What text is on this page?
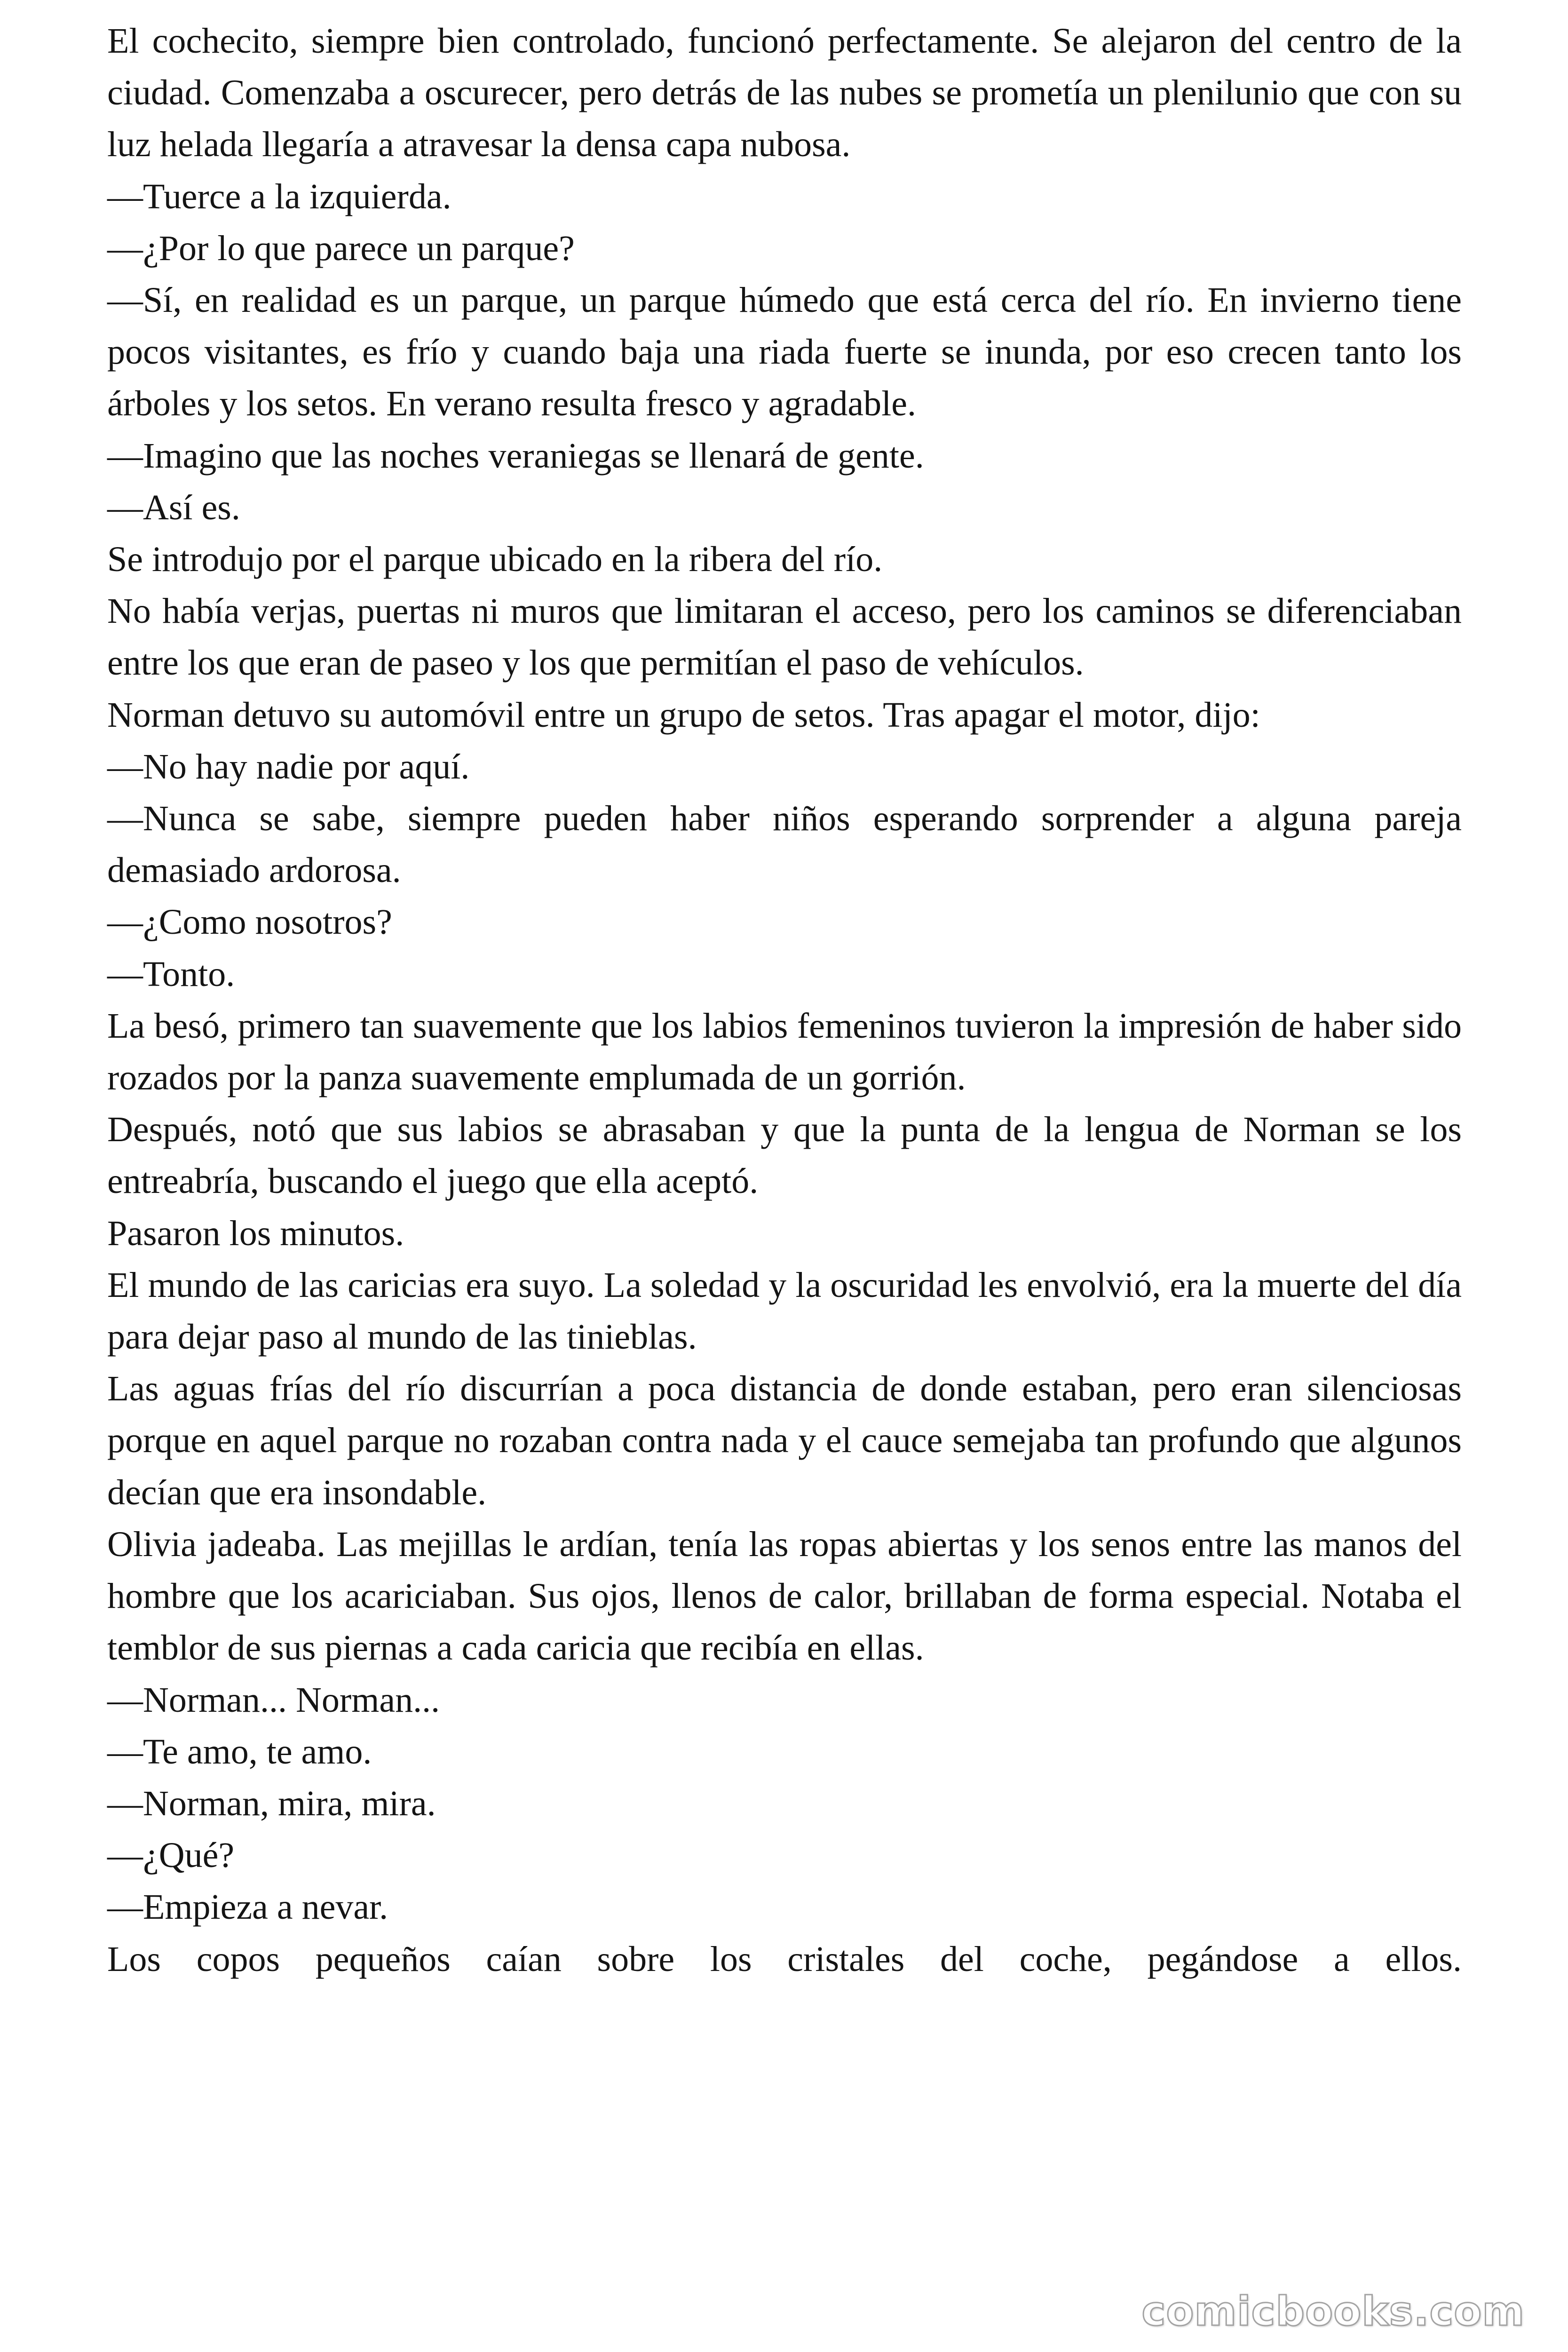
El cochecito, siempre bien controlado, funcionó perfectamente. Se alejaron del centro de la ciudad. Comenzaba a oscurecer, pero detrás de las nubes se prometía un plenilunio que con su luz helada llegaría a atravesar la densa capa nubosa.

—Tuerce a la izquierda.

—¿Por lo que parece un parque?

—Sí, en realidad es un parque, un parque húmedo que está cerca del río. En invierno tiene pocos visitantes, es frío y cuando baja una riada fuerte se inunda, por eso crecen tanto los árboles y los setos. En verano resulta fresco y agradable.

—Imagino que las noches veraniegas se llenará de gente.

—Así es.

Se introdujo por el parque ubicado en la ribera del río.

No había verjas, puertas ni muros que limitaran el acceso, pero los caminos se diferenciaban entre los que eran de paseo y los que permitían el paso de vehículos.

Norman detuvo su automóvil entre un grupo de setos. Tras apagar el motor, dijo:

—No hay nadie por aquí.

—Nunca se sabe, siempre pueden haber niños esperando sorprender a alguna pareja demasiado ardorosa.

—¿Como nosotros?

—Tonto.

La besó, primero tan suavemente que los labios femeninos tuvieron la impresión de haber sido rozados por la panza suavemente emplumada de un gorrión.

Después, notó que sus labios se abrasaban y que la punta de la lengua de Norman se los entreabría, buscando el juego que ella aceptó.

Pasaron los minutos.

El mundo de las caricias era suyo. La soledad y la oscuridad les envolvió, era la muerte del día para dejar paso al mundo de las tinieblas.

Las aguas frías del río discurrían a poca distancia de donde estaban, pero eran silenciosas porque en aquel parque no rozaban contra nada y el cauce semejaba tan profundo que algunos decían que era insondable.

Olivia jadeaba. Las mejillas le ardían, tenía las ropas abiertas y los senos entre las manos del hombre que los acariciaban. Sus ojos, llenos de calor, brillaban de forma especial. Notaba el temblor de sus piernas a cada caricia que recibía en ellas.

—Norman... Norman...

—Te amo, te amo.

—Norman, mira, mira.

—¿Qué?

—Empieza a nevar.

Los copos pequeños caían sobre los cristales del coche, pegándose a ellos.

comicbooks.com
